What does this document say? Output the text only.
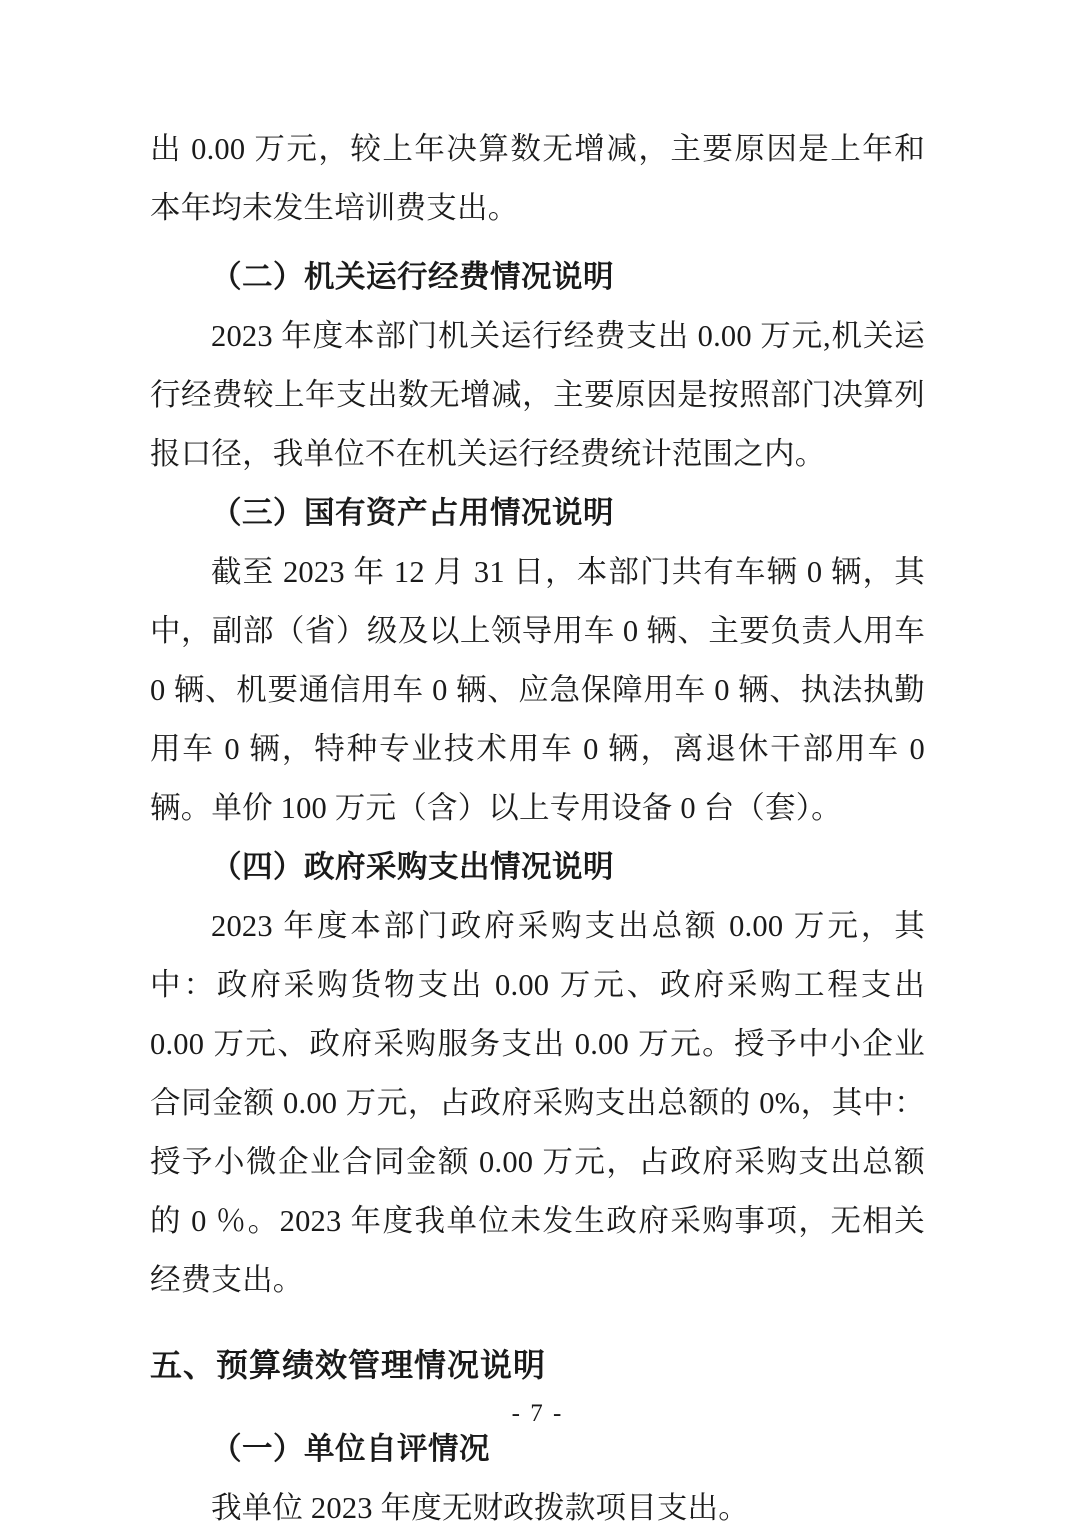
出 0.00 万元，较上年决算数无增减，主要原因是上年和本年均未发生培训费支出。

（二）机关运行经费情况说明

2023 年度本部门机关运行经费支出 0.00 万元,机关运行经费较上年支出数无增减，主要原因是按照部门决算列报口径，我单位不在机关运行经费统计范围之内。

（三）国有资产占用情况说明

截至 2023 年 12 月 31 日，本部门共有车辆 0 辆，其中，副部（省）级及以上领导用车 0 辆、主要负责人用车 0 辆、机要通信用车 0 辆、应急保障用车 0 辆、执法执勤用车 0 辆，特种专业技术用车 0 辆，离退休干部用车 0 辆。单价 100 万元（含）以上专用设备 0 台（套）。

（四）政府采购支出情况说明

2023 年度本部门政府采购支出总额 0.00 万元，其中：政府采购货物支出 0.00 万元、政府采购工程支出 0.00 万元、政府采购服务支出 0.00 万元。授予中小企业合同金额 0.00 万元，占政府采购支出总额的 0%，其中：授予小微企业合同金额 0.00 万元，占政府采购支出总额的 0 ％。2023 年度我单位未发生政府采购事项，无相关经费支出。

五、预算绩效管理情况说明

（一）单位自评情况

我单位 2023 年度无财政拨款项目支出。

- 7 -
